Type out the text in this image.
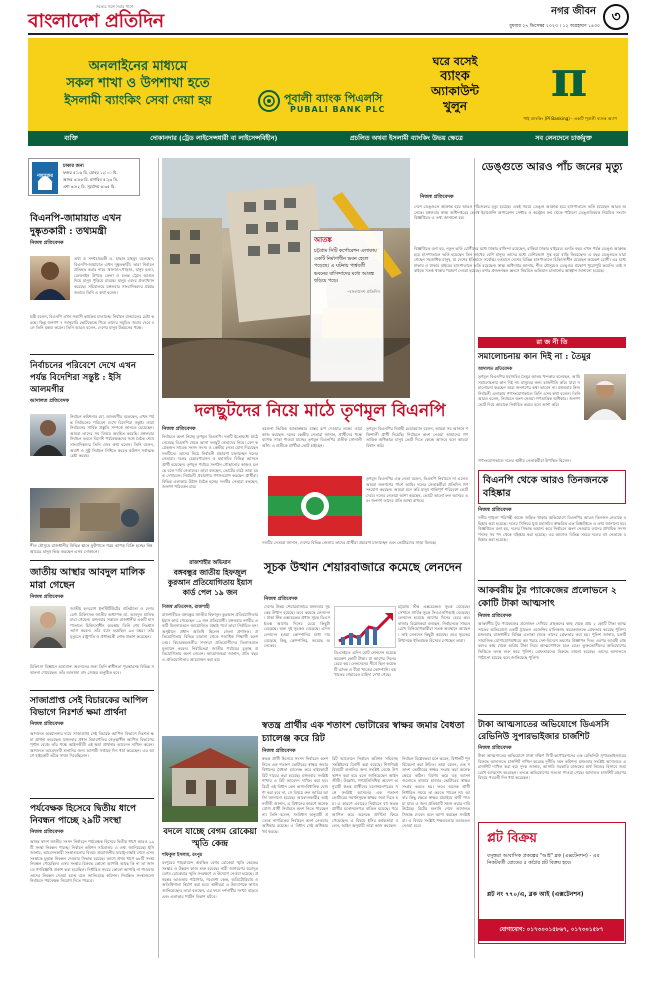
সত্যের সঙ্গে সবার পাশে
বাংলাদেশ প্রতিদিন	নগর জীবন
বুধবার ২৭ ডিসেম্বর ২০২৩ । ১২ অগ্রহায়ণ ১৪৩০
৩
অনলাইনের মাধ্যমে
সকল শাখা ও উপশাখা হতে
ইসলামী ব্যাংকিং সেবা দেয়া হয়	পূবালী ব্যাংক পিএলসি
PUBALI BANK PLC
ঘরে বসেই
ব্যাংক
অ্যাকাউন্ট
খুলুন	π
পাই ব্যাংকিং (PI Banking) - একটি পূবালী ব্যাংক অ্যাপ
ব্যক্তি	দোকানদার (ট্রেড লাইসেন্সধারী বা লাইসেন্সবিহীন)	প্রচলিত অথবা ইসলামী ব্যাংকিং উভয় ক্ষেত্রে	সব লেনদেনে চার্জমুক্ত
নামাজের সময়সূচি
ঢাকার জন্য
ফজর ৫:১৬ মি. যোহর ১২:০০ মি.
আসর ৩:৪৬ মি. মাগরিব ৫:২৩ মি.
এশা ৬:৪২ মি. সূর্যোদয় ৬:৩৫ মি.
বিএনপি-জামায়াত এখন দুষ্কৃতকারী : তথ্যমন্ত্রী
নিজস্ব প্রতিবেদক
তথ্য ও সম্প্রচারমন্ত্রী ড. হাছান মাহমুদ বলেছেন, বিএনপি-জামায়াত এখন দুষ্কৃতকারী। তারা নির্বাচন প্রতিহত করার নামে জ্বালাও-পোড়াও, মানুষ হত্যা, রেললাইন উপড়ে ফেলা ও চলন্ত ট্রেনে আগুন দিয়ে মানুষ পুড়িয়ে মারছে। মানুষ এদের প্রত্যাখ্যান করেছে। সচিবালয়ে মঙ্গলবার সাংবাদিকদের প্রশ্নের জবাবে তিনি এ কথা বলেন।
মন্ত্রী বলেন, বিএনপি এখন সন্ত্রাসী কার্যক্রম চালাচ্ছে। নির্বাচন বানচালের চেষ্টা করছে। কিন্তু জনগণ ৭ জানুয়ারি ভোটকেন্দ্রে গিয়ে তাদের সমুচিত জবাব দেবে বলে তিনি মন্তব্য করেন। তিনি আরও বলেন, দেশের মানুষ উন্নয়নের পক্ষে।
নির্বাচনের পরিবেশে দেখে এখন পর্যন্ত বিদেশিরা সন্তুষ্ট : ইসি আলমগীর
আদালত প্রতিবেদক
নির্বাচন কমিশনার মো. আলমগীর বলেছেন, এখন পর্যন্ত নির্বাচনের পরিবেশ দেখে বিদেশিরা সন্তুষ্ট। তারা নির্বাচনের সার্বিক প্রস্তুতি সম্পর্কে জানতে চেয়েছেন। আমরা তাদের সব বিষয়ে অবহিত করেছি। মঙ্গলবার নির্বাচন ভবনে বিদেশি পর্যবেক্ষকদের সঙ্গে বৈঠক শেষে সাংবাদিকদের তিনি এসব কথা বলেন। তিনি বলেন, অবাধ ও সুষ্ঠু নির্বাচন নিশ্চিত করতে কমিশন সর্বাত্মক চেষ্টা করছে।
শীত মৌসুমে রাজধানীর বিভিন্ন স্থানে ফুটপাতে গরম কাপড় বিক্রি হচ্ছে। নিম্ন আয়ের মানুষ ভিড় করছেন এসব দোকানে।
জাতীয় আস্থার আবদুল মালিক মারা গেছেন
নিজস্ব প্রতিবেদক
জাতীয় হৃদরোগ ইনস্টিটিউটের প্রতিষ্ঠাতা ও দেশবরেণ্য চিকিৎসক জাতীয় অধ্যাপক ডা. আবদুল মালিক মারা গেছেন। মঙ্গলবার সকালে রাজধানীর একটি হাসপাতালে চিকিৎসাধীন অবস্থায় তিনি শেষ নিঃশ্বাস ত্যাগ করেন। তাঁর বয়স হয়েছিল ৯৩ বছর। তাঁর মৃত্যুতে রাষ্ট্রপতি ও প্রধানমন্ত্রী শোক প্রকাশ করেছেন।
চিকিৎসা বিজ্ঞানে অসামান্য অবদানের জন্য তিনি স্বাধীনতা পুরস্কারসহ বিভিন্ন সম্মাননা পেয়েছেন। তাঁর জানাজা বাদ জোহর অনুষ্ঠিত হবে।
সাজাপ্রাপ্ত সেই বিচারকের আপিল বিভাগে নিঃশর্ত ক্ষমা প্রার্থনা
নিজস্ব প্রতিবেদক
আদালত অবমাননার দায়ে সাজাপ্রাপ্ত সেই বিচারক আপিল বিভাগে নিঃশর্ত ক্ষমা প্রার্থনা করেছেন। মঙ্গলবার প্রধান বিচারপতির নেতৃত্বাধীন আপিল বিভাগের পূর্ণাঙ্গ বেঞ্চে তাঁর পক্ষে আইনজীবী এই ক্ষমা প্রার্থনার আবেদন দাখিল করেন। আদালত আবেদনটি শুনানির জন্য আগামী সপ্তাহে দিন ধার্য করেছেন। এর আগে হাইকোর্ট তাঁকে সাজা দিয়েছিলেন।
পর্যবেক্ষক হিসেবে দ্বিতীয় ধাপে নিবন্ধন পাচ্ছে ২৯টি সংস্থা
নিজস্ব প্রতিবেদক
আসন্ন দ্বাদশ জাতীয় সংসদ নির্বাচনে পর্যবেক্ষক হিসেবে দ্বিতীয় ধাপে আরও ২৯টি সংস্থা নিবন্ধন পাচ্ছে। নির্বাচন কমিশন সচিবালয় এ তথ্য জানিয়েছে। ইসি জানায়, আবেদনকারী সংস্থাগুলোর বিষয়ে প্রয়োজনীয় যাচাই-বাছাই শেষে এসব সংস্থাকে চূড়ান্ত নিবন্ধন দেওয়ার সিদ্ধান্ত হয়েছে। আগে প্রথম ধাপে ৬৮টি সংস্থা নিবন্ধন পেয়েছিল। এসব সংস্থার বিরুদ্ধে কোনো আপত্তি আছে কি না তা জানতে গণবিজ্ঞপ্তি প্রকাশ করা হয়েছিল। নির্ধারিত সময়ে কোনো আপত্তি না পাওয়ায় তাদের নিবন্ধন দেওয়া হচ্ছে বলে জানিয়েছে কমিশন। নিবন্ধিত সংস্থাগুলো নির্বাচনে পর্যবেক্ষক নিয়োগ দিতে পারবে।
আতঙ্ক
চট্টগ্রাম সিটি কর্পোরেশন এলাকায় একটি নির্মাণাধীন ভবন হেলে পড়েছে। এ ঘটনায় পার্শ্ববর্তী ভবনের বাসিন্দাদের মধ্যে আতঙ্ক ছড়িয়ে পড়ে।
–বাংলাদেশ প্রতিদিন
দলছুটদের নিয়ে মাঠে তৃণমূল বিএনপি
নিজস্ব প্রতিবেদক
নির্বাচনে অংশ নিচ্ছে তৃণমূল বিএনপি। দলটি ইতোমধ্যে মাঠে নেমেছে বিএনপি থেকে আসা দলছুট নেতাদের নিয়ে। বেশ কয়েকজন সাবেক সংসদ সদস্য ও কেন্দ্রীয় নেতা যোগ দিয়েছেন দলটিতে। তাদের নিয়ে নির্বাচনী প্রচারণা চালাচ্ছেন দলের নেতারা। দলের চেয়ারপারসন ও মহাসচিব বিভিন্ন আসনে প্রার্থী হয়েছেন। তৃণমূল পর্যায়ে সংগঠন গোছানোর কাজও চলছে বলে দাবি নেতাদের। তারা বলছেন, ভোটের মাঠে তারা চমক দেখাবেন। নির্বাচনী প্রচারণায় গণসংযোগ করছেন প্রার্থীরা। বিভিন্ন এলাকায় উঠান বৈঠক হচ্ছে। দলটির নেতারা বলছেন, জনগণ পরিবর্তন চায়।
বরগুনা ভিত্তিক আকাঙ্ক্ষার বাস্তব রূপ দেওয়ার লক্ষ্যে তারা কাজ করছেন। দলের কেন্দ্রীয় নেতারা জানান, প্রার্থীদের পক্ষে ব্যাপক সাড়া পাওয়া যাচ্ছে। তৃণমূল বিএনপির প্রতীক সোনালী আঁশ। এ প্রতীকে প্রার্থীরা ভোট চাইছেন।
তৃণমূল বিএনপির নির্বাহী চেয়ারম্যান বলেন, আমরা সব আসনে শক্তিশালী প্রার্থী দিয়েছি। নির্বাচনে অংশ নেওয়া আমাদের গণতান্ত্রিক অধিকার। মানুষ ভোট দিতে কেন্দ্রে আসবে বলে আমরা বিশ্বাস করি।
দলটির নেতারা জানান, দেশের বিভিন্ন জেলায় তাদের প্রার্থীরা প্রচারণা চালাচ্ছেন এবং ভোটারদের সাড়া মিলছে।
তৃণমূল বিএনপির এক নেতা বলেন, বিএনপি নির্বাচনে না এলেও আমরা জনগণের পাশে আছি। দলের নেতাকর্মীরা প্রতিদিন গণসংযোগ করছেন। আমরা মনে করি মানুষ শান্তিপূর্ণ পরিবেশে ভোট দেবে। দলের নেতারা আশা করছেন, ভোটে ভালো ফল আসবে এবং জনগণ তাদের প্রতি আস্থা রাখবে।
রাজশাহীর অভিযান
বঙ্গবন্ধুর জাতীয় হিফজুল কুরআন প্রতিযোগিতায় ইয়াস কার্ড পেল ১৯ জন
নিজস্ব প্রতিবেদক, রাজশাহী
রাজশাহীতে বঙ্গবন্ধুর জাতীয় হিফজুল কুরআন প্রতিযোগিতায় ইয়াস কার্ড পেয়েছেন ১৯ জন প্রতিযোগী। মঙ্গলবার নগরীর একটি মিলনায়তনে আয়োজিত বাছাই পর্বে তারা নির্বাচিত হন। অনুষ্ঠানে প্রধান অতিথি ছিলেন জেলা প্রশাসক। প্রতিযোগিতায় বিভিন্ন মাদ্রাসা থেকে শতাধিক শিক্ষার্থী অংশ নেয়। বিচারকমণ্ডলীর সদস্যরা প্রতিযোগীদের তিলাওয়াত মূল্যায়ন করেন। নির্বাচিতরা জাতীয় পর্যায়ের চূড়ান্ত প্রতিযোগিতায় অংশ নেবেন। আয়োজকরা জানান, প্রতি বছর এ প্রতিযোগিতার আয়োজন করা হয়।
সূচক উত্থান শেয়ারবাজারে কমেছে লেনদেন
নিজস্ব প্রতিবেদক
দেশের উভয় শেয়ারবাজারে মঙ্গলবার সূচকের উত্থান হয়েছে। তবে কমেছে লেনদেন। ঢাকা স্টক এক্সচেঞ্জের প্রধান সূচক ডিএসইএক্স আগের দিনের চেয়ে কিছুটা বেড়েছে। অন্য দুই সূচকও বেড়েছে। এদিন লেনদেন হওয়া কোম্পানির মধ্যে দাম বেড়েছে কিছু কোম্পানির, কমেছে অনেকের।
চট্টগ্রাম স্টক এক্সচেঞ্জেও সূচক বেড়েছে। সেখানে সার্বিক সূচক সিএএসপিআই বেড়েছে। লেনদেন হয়েছে আগের দিনের চেয়ে কম। বাজার বিশ্লেষকরা বলছেন, নির্বাচনকে সামনে রেখে বিনিয়োগকারীরা সতর্ক অবস্থানে আছেন। তাই লেনদেন কিছুটা কমেছে। তবে সূচকের উত্থানকে ইতিবাচক হিসেবে দেখছেন তারা।
ডিএসইতে এদিন মোট লেনদেন হয়েছে কয়েকশ কোটি টাকা। যা আগের দিনের চেয়ে কম। লেনদেনের শীর্ষে ছিল কয়েকটি ব্যাংক ও বীমা খাতের কোম্পানি। বস্ত্র খাতের শেয়ারেও চাহিদা দেখা গেছে।
স্বতন্ত্র প্রার্থীর এক শতাংশ ভোটারের স্বাক্ষর জমার বৈধতা চ্যালেঞ্জ করে রিট
নিজস্ব প্রতিবেদক
স্বতন্ত্র প্রার্থী হিসেবে সংসদ নির্বাচনে অংশ নিতে এক শতাংশ ভোটারের স্বাক্ষর জমার বিধানের বৈধতা চ্যালেঞ্জ করে হাইকোর্টে রিট দায়ের করা হয়েছে। মঙ্গলবার সংশ্লিষ্ট শাখায় এ রিট আবেদন দাখিল করা হয়। রিটে এই বিধান কেন অসাংবিধানিক ঘোষণা করা হবে না, সে বিষয়ে রুল জারির আর্জি জানানো হয়েছে। আবেদনকারীর আইনজীবী জানান, এ বিধানের কারণে অনেক যোগ্য প্রার্থী নির্বাচনে অংশ নিতে পারছেন না। তিনি বলেন, সংবিধান অনুযায়ী প্রত্যেক নাগরিকের নির্বাচনে অংশ নেওয়ার অধিকার রয়েছে। এ বিধান সেই অধিকার খর্ব করছে।
রিট আবেদনে নির্বাচন কমিশন সচিবসহ সংশ্লিষ্টদের বিবাদী করা হয়েছে। শিগগিরই বিষয়টি শুনানির জন্য সংশ্লিষ্ট বেঞ্চে উপস্থাপন করা হবে বলে জানিয়েছেন আইনজীবী। উল্লেখ্য, গণপ্রতিনিধিত্ব আদেশ অনুযায়ী স্বতন্ত্র প্রার্থীদের মনোনয়নপত্রের সঙ্গে সংশ্লিষ্ট আসনের এক শতাংশ ভোটারের সমর্থনসূচক স্বাক্ষর জমা দিতে হয়। এ কারণে এবারের নির্বাচনে বহু স্বতন্ত্র প্রার্থীর মনোনয়নপত্র বাতিল হয়েছে। পরে আপিল করে অনেকে প্রার্থিতা ফিরে পেয়েছেন। এ বিষয়ে ইসির কর্মকর্তারা বলেন, আইন অনুযায়ী তারা কাজ করছেন।
নির্বাচন বিশ্লেষকরা মনে করেন, বিধানটি পুনর্বিবেচনা করা উচিত। তারা বলেন, এক শতাংশ ভোটারের স্বাক্ষর সংগ্রহ করা অনেক ক্ষেত্রে কঠিন। বিশেষ করে বড় আসনগুলোতে হাজার হাজার ভোটারের স্বাক্ষর সংগ্রহ করতে হয়। ফলে অনেক প্রার্থী নির্ধারিত সময়ে তা করতে পারেন না। আবার কিছু ক্ষেত্রে স্বাক্ষর যাচাইয়ে ত্রুটি পাওয়া যায়। এ জন্য প্রক্রিয়াটি সহজ করার দাবি উঠেছে। রিটের শুনানি শেষে আদালত সিদ্ধান্ত দেবেন বলে আশা করছেন সংশ্লিষ্টরা। এ বিষয়ে সংশ্লিষ্ট পক্ষগুলোর মতামতও নেওয়া হবে।
বদলে যাচ্ছে বেগম রোকেয়া স্মৃতি কেন্দ্র
শফিকুল ইসলাম, রংপুর
রংপুরের পায়রাবন্দে অবস্থিত বেগম রোকেয়া স্মৃতি কেন্দ্রের সংস্কার ও উন্নয়ন কাজ শুরু হয়েছে। নারী জাগরণের অগ্রদূত বেগম রোকেয়ার স্মৃতি সংরক্ষণে এ উদ্যোগ নেওয়া হয়েছে। প্রকল্পের আওতায় পাঠাগার, গবেষণা কেন্দ্র, অডিটোরিয়াম ও অতিথিশালা নির্মাণ করা হবে। স্থানীয়রা এ উদ্যোগকে স্বাগত জানিয়েছেন। তারা বলছেন, এর ফলে দর্শনার্থীর সংখ্যা বাড়বে এবং এলাকার পর্যটন বিকাশ ঘটবে।
ডেঙ্গুতে আরও পাঁচ জনের মৃত্যু
নিজস্ব প্রতিবেদক
দেশে ডেঙ্গুতে আক্রান্ত হয়ে আরও পাঁচজনের মৃত্যু হয়েছে। একই সময়ে ডেঙ্গু আক্রান্ত হয়ে হাসপাতালে ভর্তি হয়েছেন আরও অনেকে। মঙ্গলবার স্বাস্থ্য অধিদপ্তরের হেলথ ইমার্জেন্সি অপারেশন সেন্টার ও কন্ট্রোল রুম থেকে পাঠানো ডেঙ্গুবিষয়ক নিয়মিত সংবাদ বিজ্ঞপ্তিতে এ তথ্য জানানো হয়।
বিজ্ঞপ্তিতে বলা হয়, নতুন ভর্তি রোগীদের মধ্যে ঢাকার বাসিন্দা রয়েছেন, বাকিরা ঢাকার বাইরের। চলতি বছর এখন পর্যন্ত ডেঙ্গু আক্রান্ত হয়ে হাসপাতালে ভর্তি হয়েছেন তিন লাখের বেশি মানুষ। তাদের মধ্যে বেশিরভাগ সুস্থ হয়ে বাড়ি ফিরেছেন। এ বছর ডেঙ্গুতে মারা গেছেন সহস্রাধিক মানুষ, যা দেশের ইতিহাসে সর্বোচ্চ। বর্তমানে দেশের বিভিন্ন হাসপাতালে চিকিৎসাধীন রয়েছেন কয়েকশ রোগী। এর মধ্যে ঢাকায় ও ঢাকার বাইরের হাসপাতালে ভর্তি রয়েছেন। স্বাস্থ্য অধিদপ্তর জানায়, শীত মৌসুমেও ডেঙ্গুর প্রকোপ পুরোপুরি কমেনি। তাই সবাইকে সতর্ক থাকার পরামর্শ দেওয়া হয়েছে। মশার প্রজননস্থল ধ্বংসে নিয়মিত অভিযান চালানোর আহ্বান জানানো হয়েছে।
রা জ নী তি
সমালোচনায় কান দিই না : তৈমুর
আদালত প্রতিবেদক
তৃণমূল বিএনপির মহাসচিব তৈমুর আলম খন্দকার বলেছেন, আমি সমালোচনায় কান দিই না। মানুষের জন্য রাজনীতি করি। যারা সমালোচনা করছেন তারা জনগণের কথা ভাবেন না। মঙ্গলবার নিজ নির্বাচনী এলাকায় গণসংযোগকালে তিনি এসব কথা বলেন। তিনি আরও বলেন, নির্বাচনে অংশ নেওয়া গণতান্ত্রিক অধিকার। জনগণ ভোট দিয়ে আমাকে নির্বাচিত করবে বলে আশা করি।
গণসংযোগকালে দলের স্থানীয় নেতাকর্মীরা উপস্থিত ছিলেন।
বিএনপি থেকে আরও তিনজনকে বহিষ্কার
নিজস্ব প্রতিবেদক
দলীয় শৃঙ্খলা পরিপন্থী কাজে জড়িত থাকার অভিযোগে বিএনপির আরও তিনজন নেতাকে বহিষ্কার করা হয়েছে। দলের সিনিয়র যুগ্ম মহাসচিব স্বাক্ষরিত এক বিজ্ঞপ্তিতে এ তথ্য জানানো হয়। বিজ্ঞপ্তিতে বলা হয়, দলের সিদ্ধান্ত অমান্য করে নির্বাচনে অংশ নেওয়ায় তাদের প্রাথমিক সদস্য পদসহ সব পদ থেকে বহিষ্কার করা হয়েছে। এর আগেও বিভিন্ন সময়ে দলের বহু নেতাকে বহিষ্কার করা হয়েছে।
আকবরীয় টুর প্যাকেজের প্রলোভনে ২ কোটি টাকা আত্মসাৎ
নিজস্ব প্রতিবেদক
আকর্ষণীয় টুর প্যাকেজের প্রলোভন দেখিয়ে গ্রাহকদের কাছ থেকে প্রায় ২ কোটি টাকা আত্মসাতের অভিযোগে একটি ট্রাভেল এজেন্সির মালিকসহ কয়েকজনকে গ্রেফতার করেছে পুলিশ। মঙ্গলবার রাজধানীর বিভিন্ন এলাকা থেকে তাদের গ্রেফতার করা হয়। পুলিশ জানায়, চক্রটি সামাজিক যোগাযোগমাধ্যমে কম খরচে দেশ-বিদেশে ভ্রমণের বিজ্ঞাপন দিত। এরপর আগ্রহী গ্রাহকদের কাছ থেকে অগ্রিম টাকা নিয়ে আত্মগোপনে চলে যেত। ভুক্তভোগীদের অভিযোগের ভিত্তিতে তদন্ত শুরু করে পুলিশ। গ্রেফতারদের বিরুদ্ধে মামলা হয়েছে। তাদের আদালতে পাঠানো হয়েছে বলে জানিয়েছে পুলিশ।
টাকা আত্মসাতের অভিযোগে ডিএসসি রেভিনিউ সুপারভাইজার চার্জশিট
নিজস্ব প্রতিবেদক
টাকা আত্মসাতের অভিযোগে ঢাকা দক্ষিণ সিটি কর্পোরেশনের এক রেভিনিউ সুপারভাইজারের বিরুদ্ধে আদালতে চার্জশিট দাখিল করেছে দুর্নীতি দমন কমিশন। মঙ্গলবার সংশ্লিষ্ট আদালতে এ চার্জশিট দাখিল করা হয়। দুদক জানায়, আসামি সরকারি রাজস্বের অর্থ নিজের হিসাবে জমা রেখে আত্মসাৎ করেছেন। তদন্তে অভিযোগের সত্যতা পাওয়া গেছে। আদালত চার্জশিট গ্রহণের বিষয়ে পরবর্তী দিন ধার্য করেছেন।
প্লট বিক্রয়
বসুন্ধরা আবাসিক প্রকল্পের "আই" ব্লক (এক্সটেনশন) - এর নিকটবর্তী রোডের ৫ কাঠার প্লট বিক্রয় হবে।
প্লট নং ৭৭০/এ, ব্লক আই (এক্সটেনশন)
যোগাযোগ: ০১৭৩০০১৫৮৬৭, ০১৭৩০১৫৮৭
